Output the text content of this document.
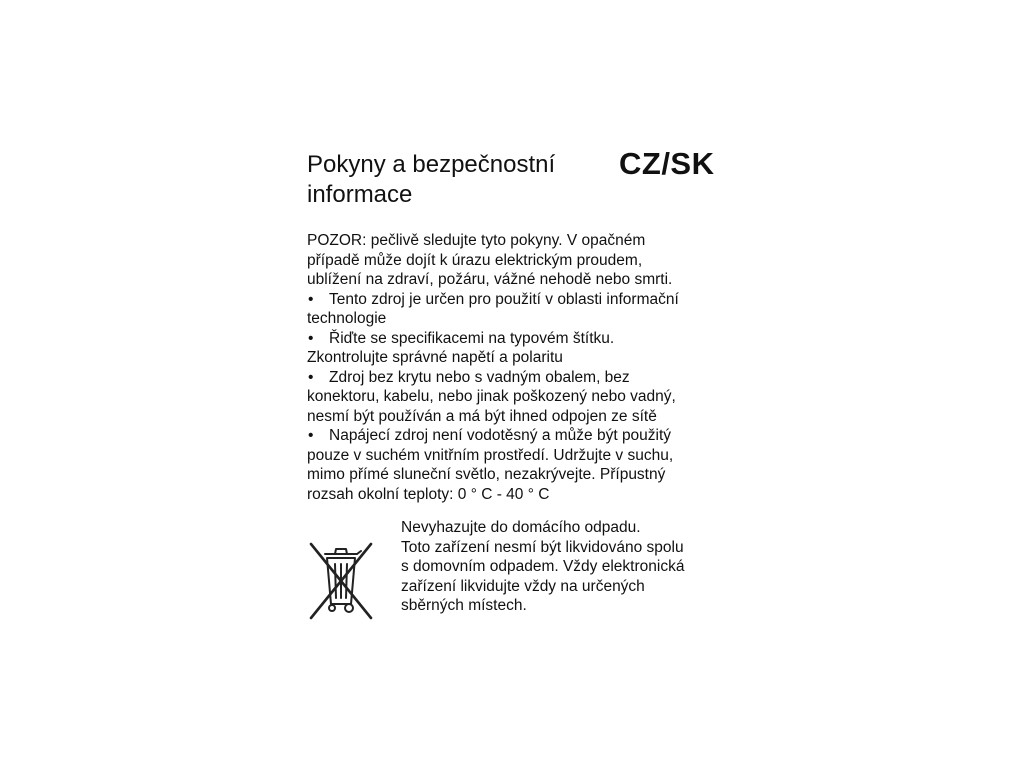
Pokyny a bezpečnostní
informace
CZ/SK

POZOR: pečlivě sledujte tyto pokyny. V opačném
případě může dojít k úrazu elektrickým proudem,
ublížení na zdraví, požáru, vážné nehodě nebo smrti.

•Tento zdroj je určen pro použití v oblasti informační
technologie

•Řiďte se specifikacemi na typovém štítku.
Zkontrolujte správné napětí a polaritu

•Zdroj bez krytu nebo s vadným obalem, bez
konektoru, kabelu, nebo jinak poškozený nebo vadný,
nesmí být používán a má být ihned odpojen ze sítě

•Napájecí zdroj není vodotěsný a může být použitý
pouze v suchém vnitřním prostředí. Udržujte v suchu,
mimo přímé sluneční světlo, nezakrývejte. Přípustný
rozsah okolní teploty: 0 ° C - 40 ° C

Nevyhazujte do domácího odpadu.
Toto zařízení nesmí být likvidováno spolu
s domovním odpadem. Vždy elektronická
zařízení likvidujte vždy na určených
sběrných místech.
